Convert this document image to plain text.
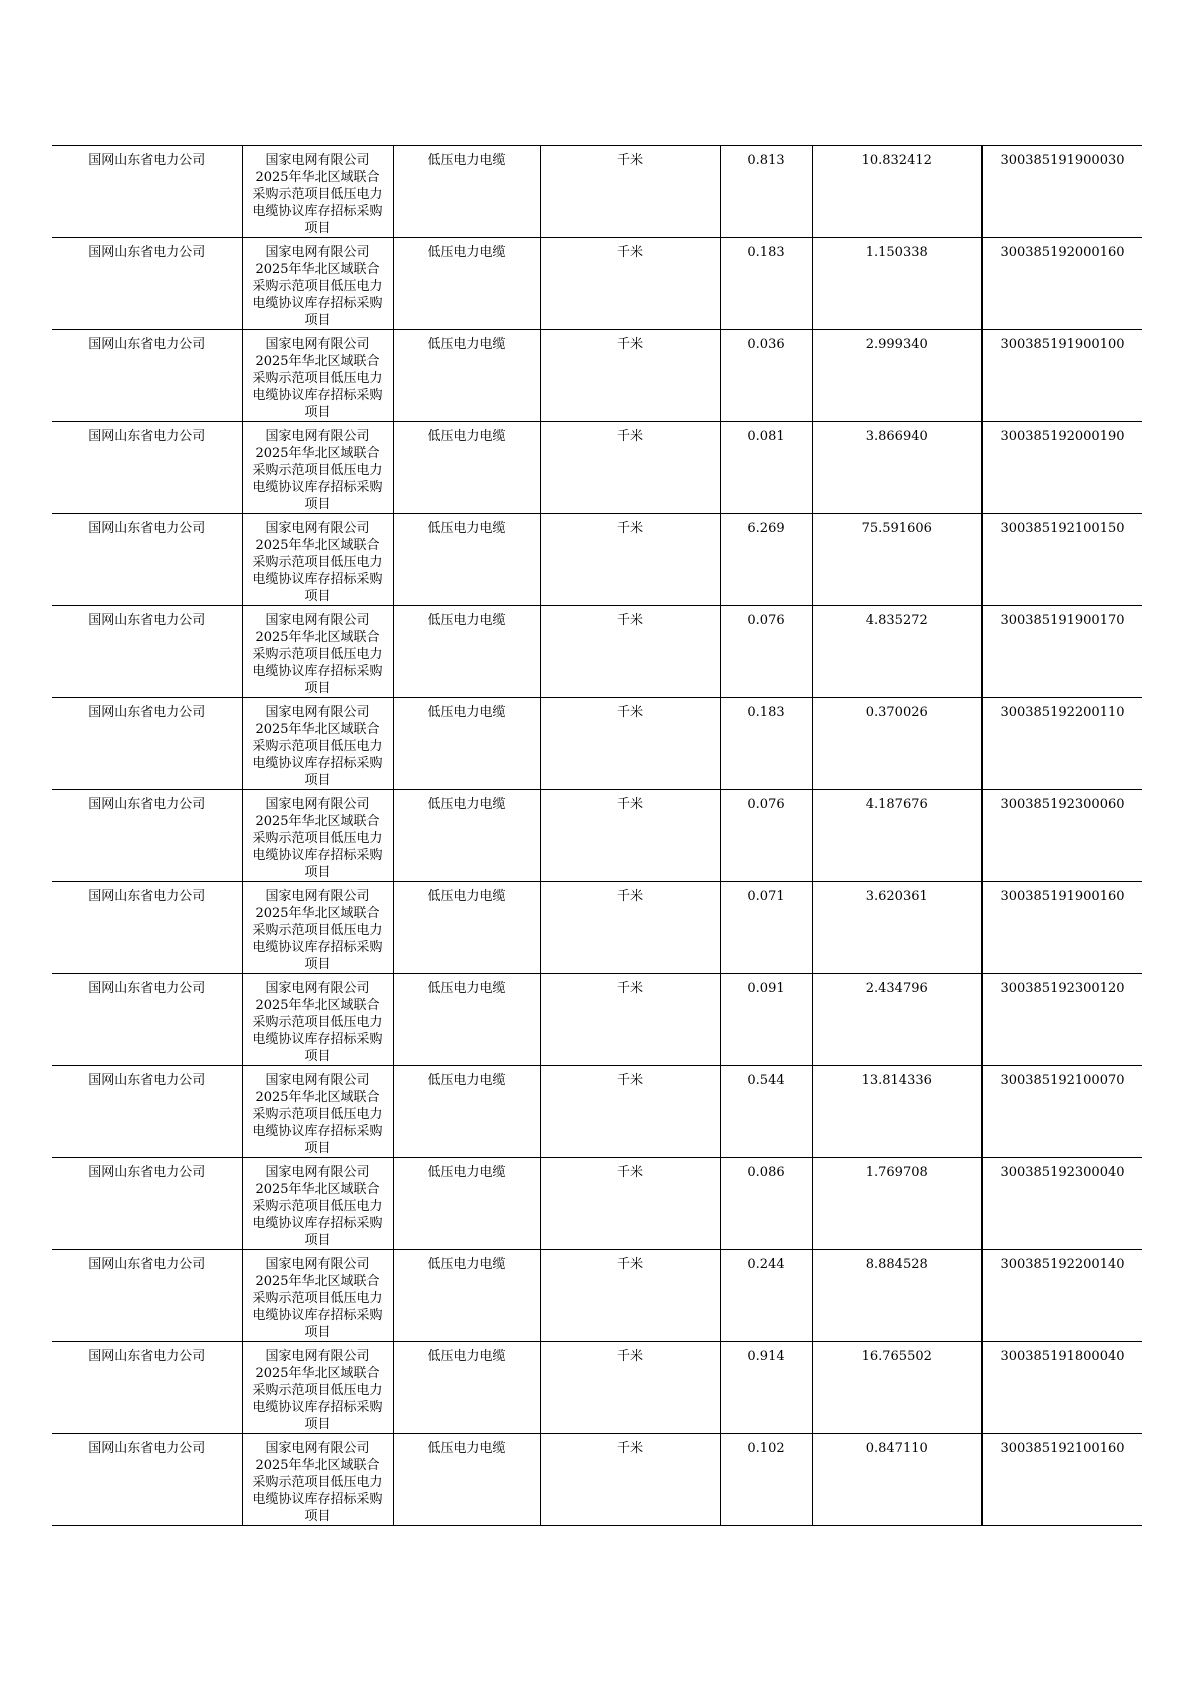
国网山东省电力公司	国家电网有限公司2025年华北区域联合采购示范项目低压电力电缆协议库存招标采购项目	低压电力电缆	千米	0.813	10.832412	300385191900030
国网山东省电力公司	国家电网有限公司2025年华北区域联合采购示范项目低压电力电缆协议库存招标采购项目	低压电力电缆	千米	0.183	1.150338	300385192000160
国网山东省电力公司	国家电网有限公司2025年华北区域联合采购示范项目低压电力电缆协议库存招标采购项目	低压电力电缆	千米	0.036	2.999340	300385191900100
国网山东省电力公司	国家电网有限公司2025年华北区域联合采购示范项目低压电力电缆协议库存招标采购项目	低压电力电缆	千米	0.081	3.866940	300385192000190
国网山东省电力公司	国家电网有限公司2025年华北区域联合采购示范项目低压电力电缆协议库存招标采购项目	低压电力电缆	千米	6.269	75.591606	300385192100150
国网山东省电力公司	国家电网有限公司2025年华北区域联合采购示范项目低压电力电缆协议库存招标采购项目	低压电力电缆	千米	0.076	4.835272	300385191900170
国网山东省电力公司	国家电网有限公司2025年华北区域联合采购示范项目低压电力电缆协议库存招标采购项目	低压电力电缆	千米	0.183	0.370026	300385192200110
国网山东省电力公司	国家电网有限公司2025年华北区域联合采购示范项目低压电力电缆协议库存招标采购项目	低压电力电缆	千米	0.076	4.187676	300385192300060
国网山东省电力公司	国家电网有限公司2025年华北区域联合采购示范项目低压电力电缆协议库存招标采购项目	低压电力电缆	千米	0.071	3.620361	300385191900160
国网山东省电力公司	国家电网有限公司2025年华北区域联合采购示范项目低压电力电缆协议库存招标采购项目	低压电力电缆	千米	0.091	2.434796	300385192300120
国网山东省电力公司	国家电网有限公司2025年华北区域联合采购示范项目低压电力电缆协议库存招标采购项目	低压电力电缆	千米	0.544	13.814336	300385192100070
国网山东省电力公司	国家电网有限公司2025年华北区域联合采购示范项目低压电力电缆协议库存招标采购项目	低压电力电缆	千米	0.086	1.769708	300385192300040
国网山东省电力公司	国家电网有限公司2025年华北区域联合采购示范项目低压电力电缆协议库存招标采购项目	低压电力电缆	千米	0.244	8.884528	300385192200140
国网山东省电力公司	国家电网有限公司2025年华北区域联合采购示范项目低压电力电缆协议库存招标采购项目	低压电力电缆	千米	0.914	16.765502	300385191800040
国网山东省电力公司	国家电网有限公司2025年华北区域联合采购示范项目低压电力电缆协议库存招标采购项目	低压电力电缆	千米	0.102	0.847110	300385192100160
